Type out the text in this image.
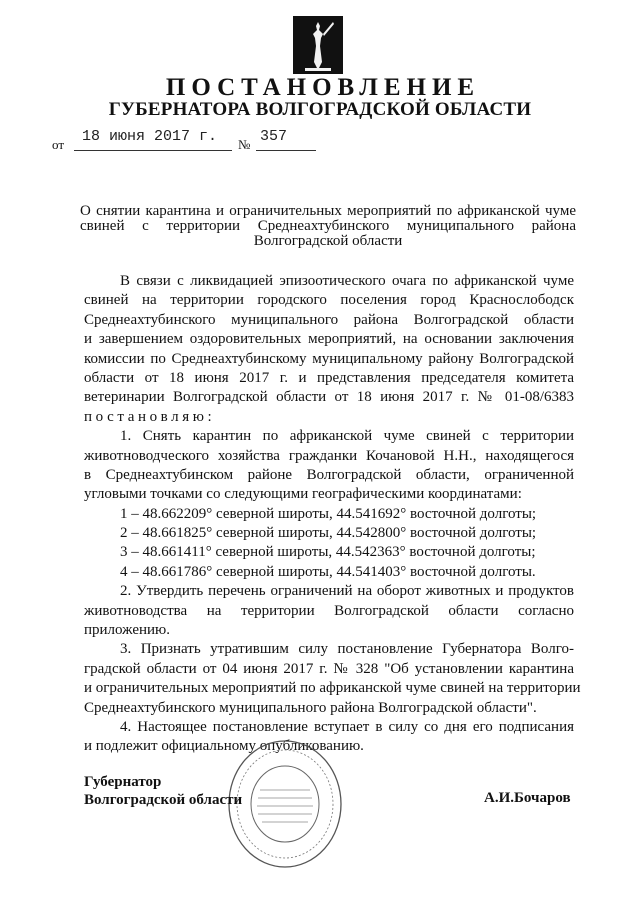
ПОСТАНОВЛЕНИЕ
ГУБЕРНАТОРА ВОЛГОГРАДСКОЙ ОБЛАСТИ
от 18 июня 2017 г. № 357
О снятии карантина и ограничительных мероприятий по африканской чуме
свиней с территории Среднеахтубинского муниципального района
Волгоградской области
В связи с ликвидацией эпизоотического очага по африканской чуме
свиней на территории городского поселения город Краснослободск
Среднеахтубинского муниципального района Волгоградской области
и завершением оздоровительных мероприятий, на основании заключения
комиссии по Среднеахтубинскому муниципальному району Волгоградской
области от 18 июня 2017 г. и представления председателя комитета
ветеринарии Волгоградской области от 18 июня 2017 г. № 01-08/6383
постановляю:
1. Снять карантин по африканской чуме свиней с территории
животноводческого хозяйства гражданки Кочановой Н.Н., находящегося
в Среднеахтубинском районе Волгоградской области, ограниченной
угловыми точками со следующими географическими координатами:
1 – 48.662209° северной широты, 44.541692° восточной долготы;
2 – 48.661825° северной широты, 44.542800° восточной долготы;
3 – 48.661411° северной широты, 44.542363° восточной долготы;
4 – 48.661786° северной широты, 44.541403° восточной долготы.
2. Утвердить перечень ограничений на оборот животных и продуктов
животноводства на территории Волгоградской области согласно
приложению.
3. Признать утратившим силу постановление Губернатора Волго-
градской области от 04 июня 2017 г. № 328 "Об установлении карантина
и ограничительных мероприятий по африканской чуме свиней на территории
Среднеахтубинского муниципального района Волгоградской области".
4. Настоящее постановление вступает в силу со дня его подписания
и подлежит официальному опубликованию.
Губернатор
Волгоградской области	А.И.Бочаров
